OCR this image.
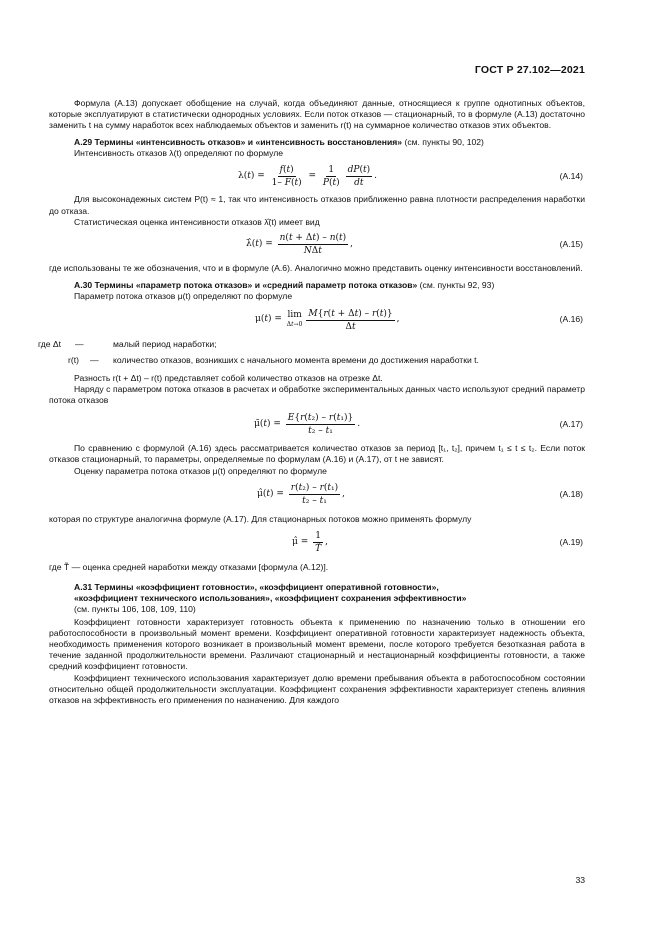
ГОСТ Р 27.102—2021

Формула (А.13) допускает обобщение на случай, когда объединяют данные, относящиеся к группе однотипных объектов, которые эксплуатируют в статистически однородных условиях. Если поток отказов — стационарный, то в формуле (А.13) достаточно заменить t на сумму наработок всех наблюдаемых объектов и заменить r(t) на суммарное количество отказов этих объектов.

А.29 Термины «интенсивность отказов» и «интенсивность восстановления» (см. пункты 90, 102)

Интенсивность отказов λ(t) определяют по формуле

λ( t ) = $\frac{f(t)}{1- F(t)} = \frac{1}{P(t)} \frac{dP(t)}{dt}$ .	(А.14)

Для высоконадежных систем P(t) ≈ 1, так что интенсивность отказов приближенно равна плотности распределения наработки до отказа.

Статистическая оценка интенсивности отказов λ̂(t) имеет вид

λ̂( t ) = $\frac{n(t + \Delta t) - n(t)}{\text{NΔt}}$ ,	(А.15)

где использованы те же обозначения, что и в формуле (А.6). Аналогично можно представить оценку интенсивности восстановлений.

А.30 Термины «параметр потока отказов» и «средний параметр потока отказов» (см. пункты 92, 93)

Параметр потока отказов μ(t) определяют по формуле

μ( t ) = lim
$\Delta t\to 0 \frac{M\{r(t + \Delta t) - r(t)\}}{\Delta t}$ ,	(А.16)
где Δt —	малый период наработки;
r(t) — количество отказов, возникших с начального момента времени до достижения наработки t.

Разность r(t + Δt) – r(t) представляет собой количество отказов на отрезке Δt.

Наряду с параметром потока отказов в расчетах и обработке экспериментальных данных часто используют средний параметр потока отказов

μ̄( t ) = $\frac{\text{E\{r(t₂) – r(t₁)\}}}{\text{t₂ – t₁}}$ .	(А.17)

По сравнению с формулой (А.16) здесь рассматривается количество отказов за период [t₁, t₂], причем t₁ ≤ t ≤ t₂. Если поток отказов стационарный, то параметры, определяемые по формулам (А.16) и (А.17), от t не зависят.

Оценку параметра потока отказов μ(t) определяют по формуле

μ̂( t ) = $\frac{\text{r(t₂) – r(t₁)}}{\text{t₂ – t₁}}$ ,	(А.18)

которая по структуре аналогична формуле (А.17). Для стационарных потоков можно применять формулу

μ̂ = $\frac{1}{T̃}$ ,	(А.19)

где T̃ — оценка средней наработки между отказами [формула (А.12)].

А.31 Термины «коэффициент готовности», «коэффициент оперативной готовности»,

«коэффициент технического использования», «коэффициент сохранения эффективности»

(см. пункты 106, 108, 109, 110)

Коэффициент готовности характеризует готовность объекта к применению по назначению только в отношении его работоспособности в произвольный момент времени. Коэффициент оперативной готовности характеризует надежность объекта, необходимость применения которого возникает в произвольный момент времени, после которого требуется безотказная работа в течение заданной продолжительности времени. Различают стационарный и нестационарный коэффициенты готовности, а также средний коэффициент готовности.

Коэффициент технического использования характеризует долю времени пребывания объекта в работоспособном состоянии относительно общей продолжительности эксплуатации. Коэффициент сохранения эффективности характеризует степень влияния отказов на эффективность его применения по назначению. Для каждого

33
